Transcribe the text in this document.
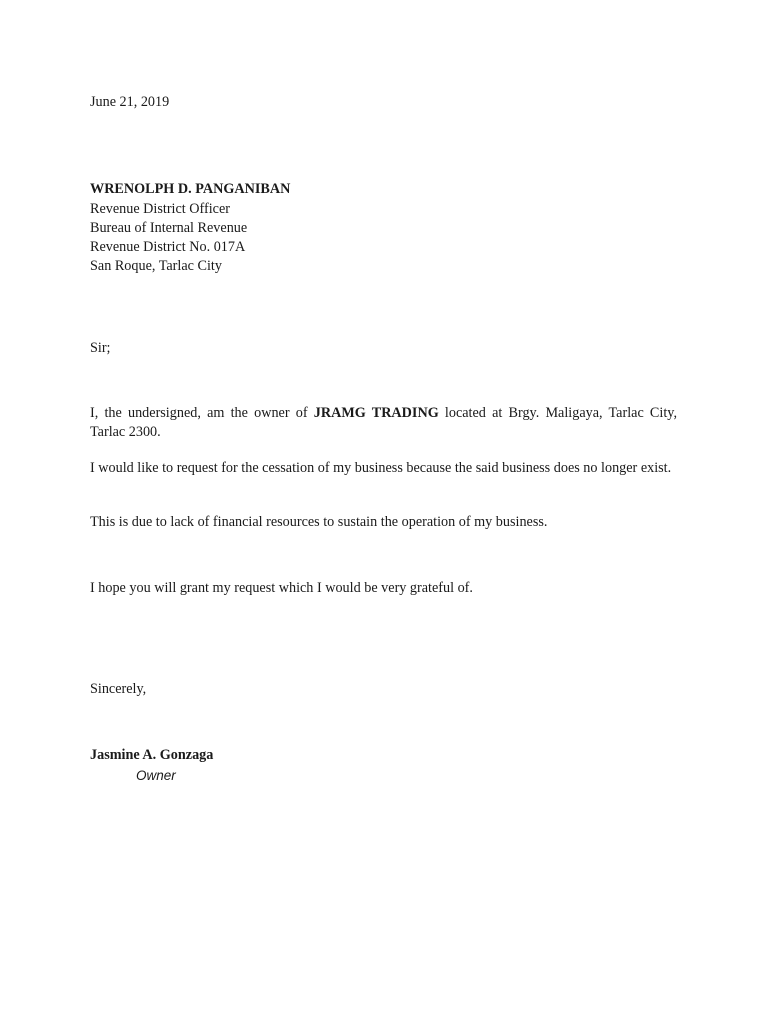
June 21, 2019
WRENOLPH D. PANGANIBAN
Revenue District Officer
Bureau of Internal Revenue
Revenue District No. 017A
San Roque, Tarlac City
Sir;

I, the undersigned, am the owner of JRAMG TRADING located at Brgy. Maligaya, Tarlac City, Tarlac 2300.

I would like to request for the cessation of my business because the said business does no longer exist.

This is due to lack of financial resources to sustain the operation of my business.

I hope you will grant my request which I would be very grateful of.

Sincerely,
Jasmine A. Gonzaga
Owner
